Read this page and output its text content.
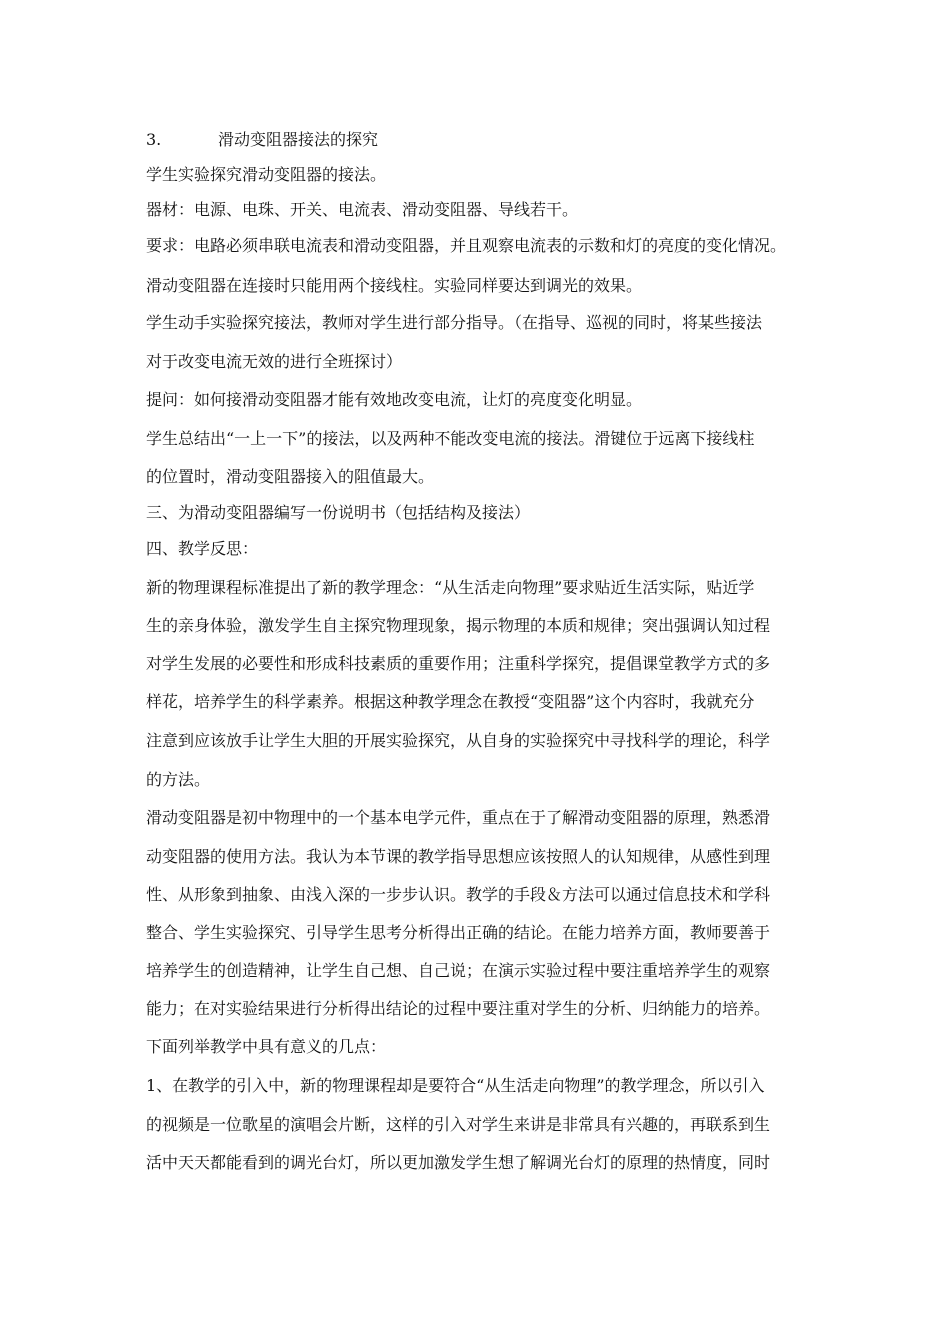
3.	滑动变阻器接法的探究
学生实验探究滑动变阻器的接法。
器材：电源、电珠、开关、电流表、滑动变阻器、导线若干。
要求：电路必须串联电流表和滑动变阻器，并且观察电流表的示数和灯的亮度的变化情况。
滑动变阻器在连接时只能用两个接线柱。实验同样要达到调光的效果。
学生动手实验探究接法，教师对学生进行部分指导。（在指导、巡视的同时，将某些接法
对于改变电流无效的进行全班探讨）
提问：如何接滑动变阻器才能有效地改变电流，让灯的亮度变化明显。
学生总结出“一上一下”的接法，以及两种不能改变电流的接法。滑键位于远离下接线柱
的位置时，滑动变阻器接入的阻值最大。
三、为滑动变阻器编写一份说明书（包括结构及接法）
四、教学反思：
新的物理课程标准提出了新的教学理念：“从生活走向物理”要求贴近生活实际，贴近学
生的亲身体验，激发学生自主探究物理现象，揭示物理的本质和规律；突出强调认知过程
对学生发展的必要性和形成科技素质的重要作用；注重科学探究，提倡课堂教学方式的多
样花，培养学生的科学素养。根据这种教学理念在教授“变阻器”这个内容时，我就充分
注意到应该放手让学生大胆的开展实验探究，从自身的实验探究中寻找科学的理论，科学
的方法。
滑动变阻器是初中物理中的一个基本电学元件，重点在于了解滑动变阻器的原理，熟悉滑
动变阻器的使用方法。我认为本节课的教学指导思想应该按照人的认知规律，从感性到理
性、从形象到抽象、由浅入深的一步步认识。教学的手段＆方法可以通过信息技术和学科
整合、学生实验探究、引导学生思考分析得出正确的结论。在能力培养方面，教师要善于
培养学生的创造精神，让学生自己想、自己说；在演示实验过程中要注重培养学生的观察
能力；在对实验结果进行分析得出结论的过程中要注重对学生的分析、归纳能力的培养。
下面列举教学中具有意义的几点：
1、在教学的引入中，新的物理课程却是要符合“从生活走向物理”的教学理念，所以引入
的视频是一位歌星的演唱会片断，这样的引入对学生来讲是非常具有兴趣的，再联系到生
活中天天都能看到的调光台灯，所以更加激发学生想了解调光台灯的原理的热情度，同时
